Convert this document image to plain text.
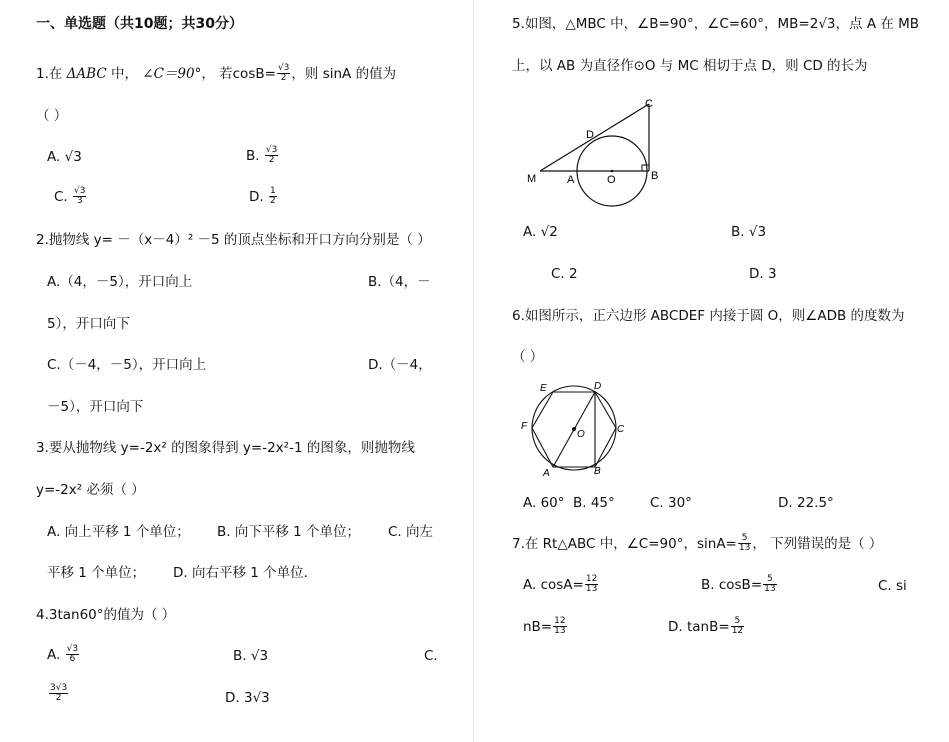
一、单选题（共10题；共30分）
1.在 ΔABC 中， ∠C＝90°， 若$\cos B= \frac{√3}{2}$ ，则 sinA 的值为
（ ）
A. √3	B. $\frac{√3}{2}$
C. $\frac{√3}{3}$	D. $\frac{1}{2}$
2.抛物线 y= －（x－4）² －5 的顶点坐标和开口方向分别是（ ）
A.（4，－5），开口向上	B.（4，－
5），开口向下
C.（－4，－5），开口向上	D.（－4，
－5），开口向下
3.要从抛物线 y=-2x² 的图象得到 y=-2x²-1 的图象，则抛物线
y=-2x² 必须（ ）
A. 向上平移 1 个单位； B. 向下平移 1 个单位； C. 向左
平移 1 个单位； D. 向右平移 1 个单位．
4.3tan60°的值为（ ）
A. $\frac{√3}{6}$	B. √3	C.
$\frac{3√3}{2}$	D. 3√3
5.如图，△MBC 中，∠B=90°，∠C=60°，MB=2√3，点 A 在 MB
上，以 AB 为直径作⊙O 与 MC 相切于点 D，则 CD 的长为
C
D
M	A	O	B
A. √2	B. √3
C. 2	D. 3
6.如图所示，正六边形 ABCDEF 内接于圆 O，则∠ADB 的度数为
（ ）
E	D
F	C
O
A	B
A. 60° B. 45°	C. 30°	D. 22.5°
7.在 Rt△ABC 中，∠C=90°，$\sin A= \frac{5}{13}$ ， 下列错误的是（ ）
A. $\cos A= \frac{12}{13}$	B. $\cos B= \frac{5}{13}$	C. si
$nB= \frac{12}{13}$	D. $\tan B= \frac{5}{12}$
